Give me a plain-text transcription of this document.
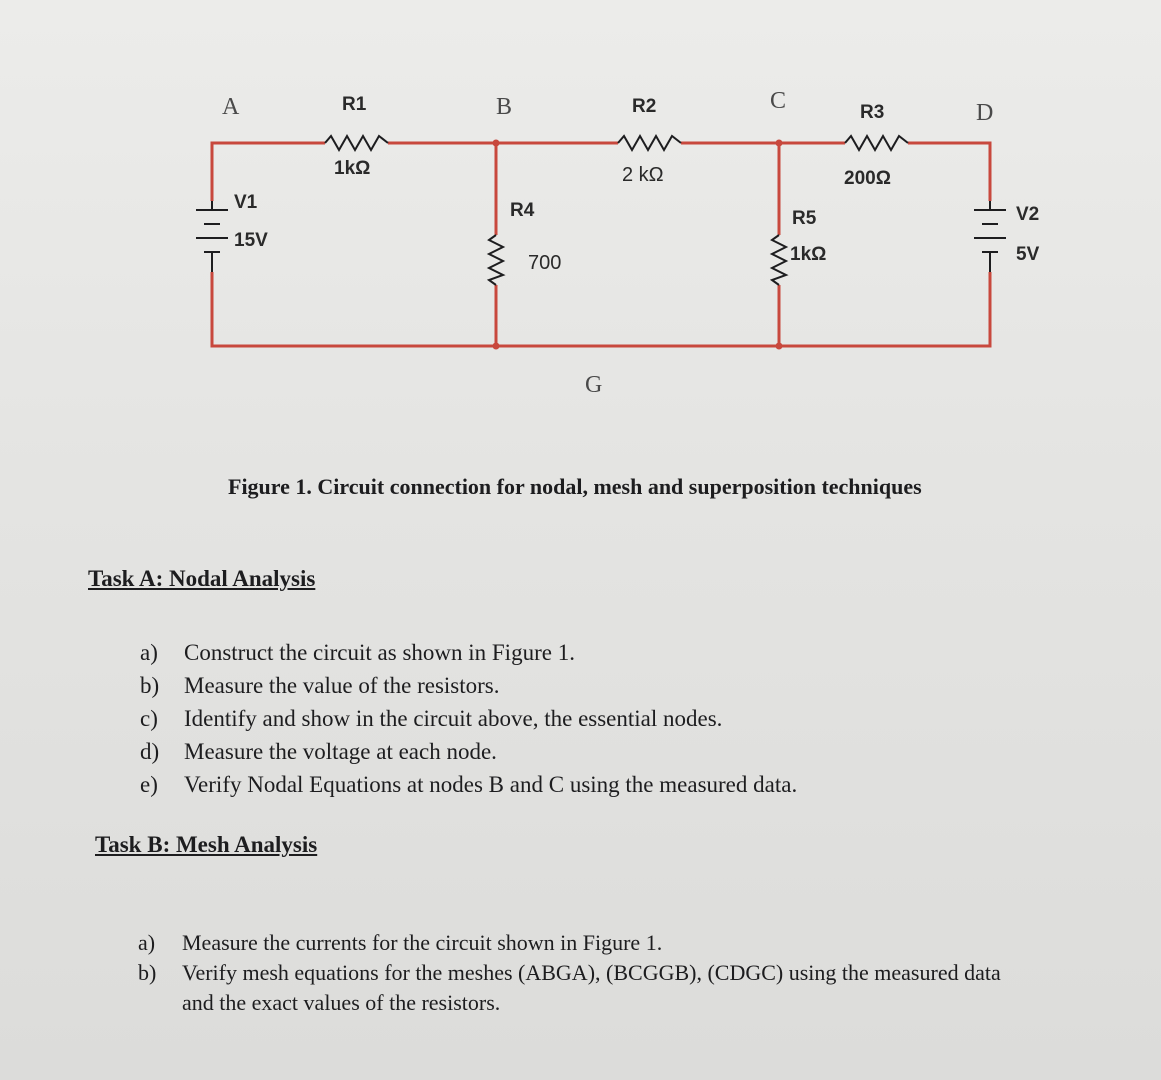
A	B	C	D
G
R1
1kΩ
R2
2 kΩ
R3
200Ω
R4
700
R5
1kΩ
V1
15V
V2
5V
Figure 1. Circuit connection for nodal, mesh and superposition techniques
Task A: Nodal Analysis
a) Construct the circuit as shown in Figure 1.
b) Measure the value of the resistors.
c) Identify and show in the circuit above, the essential nodes.
d) Measure the voltage at each node.
e) Verify Nodal Equations at nodes B and C using the measured data.
Task B: Mesh Analysis
a) Measure the currents for the circuit shown in Figure 1.
b) Verify mesh equations for the meshes (ABGA), (BCGGB), (CDGC) using the measured data
and the exact values of the resistors.
